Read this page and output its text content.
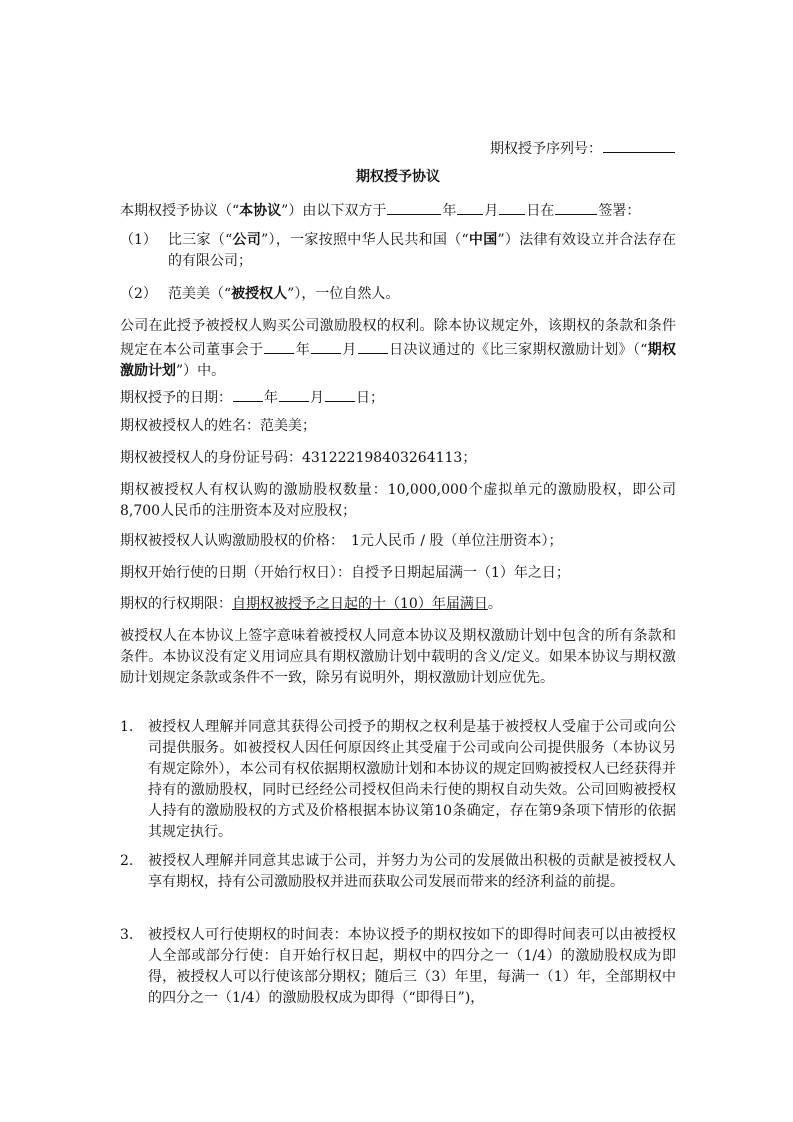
期权授予序列号：
期权授予协议
本期权授予协议（“本协议”）由以下双方于	年 月 日在	签署：
（1） 比三家（“公司”），一家按照中华人民共和国（“中国”）法律有效设立并合法存在的有限公司；
（2） 范美美（“被授权人”），一位自然人。
公司在此授予被授权人购买公司激励股权的权利。除本协议规定外，该期权的条款和条件规定在本公司董事会于 年 月 日决议通过的《比三家期权激励计划》（“期权激励计划”）中。
期权授予的日期： 年 月 日；
期权被授权人的姓名：范美美；
期权被授权人的身份证号码：431222198403264113；
期权被授权人有权认购的激励股权数量：10,000,000个虚拟单元的激励股权，即公司8,700人民币的注册资本及对应股权；
期权被授权人认购激励股权的价格：　1元人民币 / 股（单位注册资本）；
期权开始行使的日期（开始行权日）：自授予日期起届满一（1）年之日；
期权的行权期限：自期权被授予之日起的十（10）年届满日。
被授权人在本协议上签字意味着被授权人同意本协议及期权激励计划中包含的所有条款和条件。本协议没有定义用词应具有期权激励计划中载明的含义/定义。如果本协议与期权激励计划规定条款或条件不一致，除另有说明外，期权激励计划应优先。
1. 被授权人理解并同意其获得公司授予的期权之权利是基于被授权人受雇于公司或向公司提供服务。如被授权人因任何原因终止其受雇于公司或向公司提供服务（本协议另有规定除外），本公司有权依据期权激励计划和本协议的规定回购被授权人已经获得并持有的激励股权，同时已经经公司授权但尚未行使的期权自动失效。公司回购被授权人持有的激励股权的方式及价格根据本协议第10条确定，存在第9条项下情形的依据其规定执行。
2. 被授权人理解并同意其忠诚于公司，并努力为公司的发展做出积极的贡献是被授权人享有期权，持有公司激励股权并进而获取公司发展而带来的经济利益的前提。
3. 被授权人可行使期权的时间表：本协议授予的期权按如下的即得时间表可以由被授权人全部或部分行使：自开始行权日起，期权中的四分之一（1/4）的激励股权成为即得，被授权人可以行使该部分期权；随后三（3）年里，每满一（1）年，全部期权中的四分之一（1/4）的激励股权成为即得（“即得日”)，
